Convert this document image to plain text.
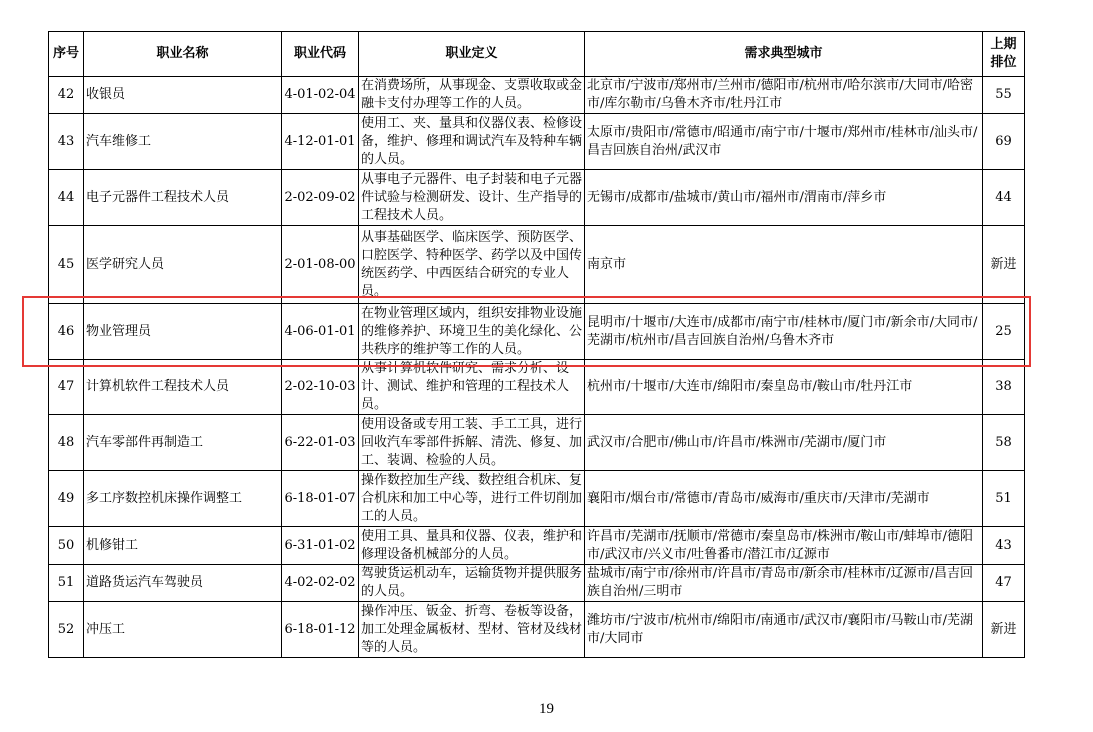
序号	职业名称	职业代码	职业定义	需求典型城市	上期排位

42	收银员	4-01-02-04	在消费场所，从事现金、支票收取或金融卡支付办理等工作的人员。	北京市/宁波市/郑州市/兰州市/德阳市/杭州市/哈尔滨市/大同市/哈密市/库尔勒市/乌鲁木齐市/牡丹江市	55
43	汽车维修工	4-12-01-01	使用工、夹、量具和仪器仪表、检修设备，维护、修理和调试汽车及特种车辆的人员。	太原市/贵阳市/常德市/昭通市/南宁市/十堰市/郑州市/桂林市/汕头市/昌吉回族自治州/武汉市	69
44	电子元器件工程技术人员	2-02-09-02	从事电子元器件、电子封装和电子元器件试验与检测研发、设计、生产指导的工程技术人员。	无锡市/成都市/盐城市/黄山市/福州市/渭南市/萍乡市	44
45	医学研究人员	2-01-08-00	从事基础医学、临床医学、预防医学、口腔医学、特种医学、药学以及中国传统医药学、中西医结合研究的专业人员。	南京市	新进
46	物业管理员	4-06-01-01	在物业管理区域内，组织安排物业设施的维修养护、环境卫生的美化绿化、公共秩序的维护等工作的人员。	昆明市/十堰市/大连市/成都市/南宁市/桂林市/厦门市/新余市/大同市/芜湖市/杭州市/昌吉回族自治州/乌鲁木齐市	25
47	计算机软件工程技术人员	2-02-10-03	从事计算机软件研究、需求分析、设计、测试、维护和管理的工程技术人员。	杭州市/十堰市/大连市/绵阳市/秦皇岛市/鞍山市/牡丹江市	38
48	汽车零部件再制造工	6-22-01-03	使用设备或专用工装、手工工具，进行回收汽车零部件拆解、清洗、修复、加工、装调、检验的人员。	武汉市/合肥市/佛山市/许昌市/株洲市/芜湖市/厦门市	58
49	多工序数控机床操作调整工	6-18-01-07	操作数控加生产线、数控组合机床、复合机床和加工中心等，进行工件切削加工的人员。	襄阳市/烟台市/常德市/青岛市/威海市/重庆市/天津市/芜湖市	51
50	机修钳工	6-31-01-02	使用工具、量具和仪器、仪表，维护和修理设备机械部分的人员。	许昌市/芜湖市/抚顺市/常德市/秦皇岛市/株洲市/鞍山市/蚌埠市/德阳市/武汉市/兴义市/吐鲁番市/潜江市/辽源市	43
51	道路货运汽车驾驶员	4-02-02-02	驾驶货运机动车，运输货物并提供服务的人员。	盐城市/南宁市/徐州市/许昌市/青岛市/新余市/桂林市/辽源市/昌吉回族自治州/三明市	47
52	冲压工	6-18-01-12	操作冲压、钣金、折弯、卷板等设备，加工处理金属板材、型材、管材及线材等的人员。	潍坊市/宁波市/杭州市/绵阳市/南通市/武汉市/襄阳市/马鞍山市/芜湖市/大同市	新进
19
